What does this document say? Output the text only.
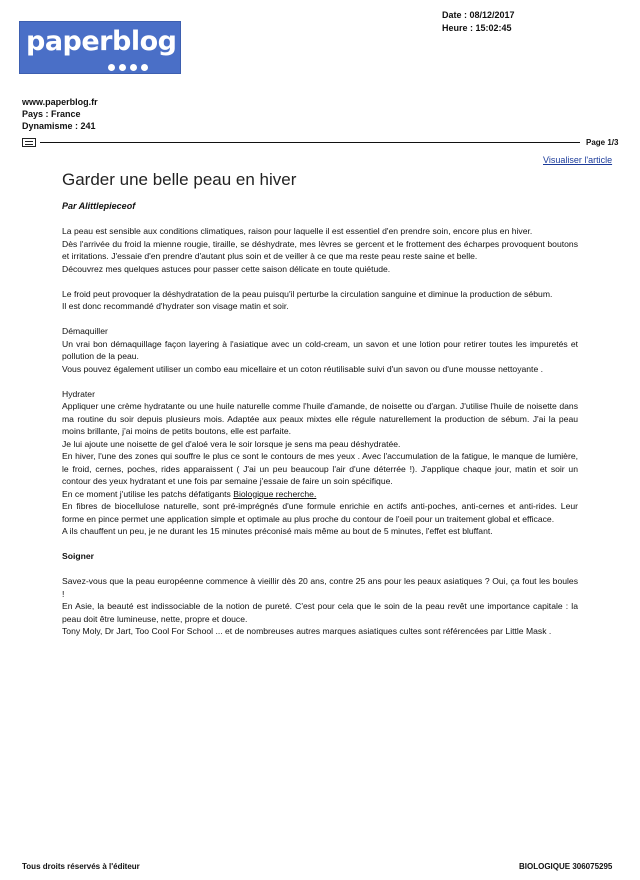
paperblog
Date : 08/12/2017
Heure : 15:02:45
www.paperblog.fr
Pays : France
Dynamisme : 241
Page 1/3
Visualiser l'article
Garder une belle peau en hiver
Par Alittlepieceof

La peau est sensible aux conditions climatiques, raison pour laquelle il est essentiel d'en prendre soin, encore plus en hiver.

Dès l'arrivée du froid la mienne rougie, tiraille, se déshydrate, mes lèvres se gercent et le frottement des écharpes provoquent boutons et irritations. J'essaie d'en prendre d'autant plus soin et de veiller à ce que ma reste peau reste saine et belle.

Découvrez mes quelques astuces pour passer cette saison délicate en toute quiétude.

Le froid peut provoquer la déshydratation de la peau puisqu'il perturbe la circulation sanguine et diminue la production de sébum.

Il est donc recommandé d'hydrater son visage matin et soir.

Démaquiller

Un vrai bon démaquillage façon layering à l'asiatique avec un cold-cream, un savon et une lotion pour retirer toutes les impuretés et pollution de la peau.

Vous pouvez également utiliser un combo eau micellaire et un coton réutilisable suivi d'un savon ou d'une mousse nettoyante .

Hydrater

Appliquer une crème hydratante ou une huile naturelle comme l'huile d'amande, de noisette ou d'argan. J'utilise l'huile de noisette dans ma routine du soir depuis plusieurs mois. Adaptée aux peaux mixtes elle régule naturellement la production de sébum. J'ai la peau moins brillante, j'ai moins de petits boutons, elle est parfaite.

Je lui ajoute une noisette de gel d'aloé vera le soir lorsque je sens ma peau déshydratée.

En hiver, l'une des zones qui souffre le plus ce sont le contours de mes yeux . Avec l'accumulation de la fatigue, le manque de lumière, le froid, cernes, poches, rides apparaissent ( J'ai un peu beaucoup l'air d'une déterrée !). J'applique chaque jour, matin et soir un contour des yeux hydratant et une fois par semaine j'essaie de faire un soin spécifique.

En ce moment j'utilise les patchs défatigants Biologique recherche.

En fibres de biocellulose naturelle, sont pré-imprégnés d'une formule enrichie en actifs anti-poches, anti-cernes et anti-rides. Leur forme en pince permet une application simple et optimale au plus proche du contour de l'oeil pour un traitement global et efficace.

A ils chauffent un peu, je ne durant les 15 minutes préconisé mais même au bout de 5 minutes, l'effet est bluffant.

Soigner

Savez-vous que la peau européenne commence à vieillir dès 20 ans, contre 25 ans pour les peaux asiatiques ? Oui, ça fout les boules !

En Asie, la beauté est indissociable de la notion de pureté. C'est pour cela que le soin de la peau revêt une importance capitale : la peau doit être lumineuse, nette, propre et douce.

Tony Moly, Dr Jart, Too Cool For School ... et de nombreuses autres marques asiatiques cultes sont référencées par Little Mask .

Tous droits réservés à l'éditeur	BIOLOGIQUE 306075295
